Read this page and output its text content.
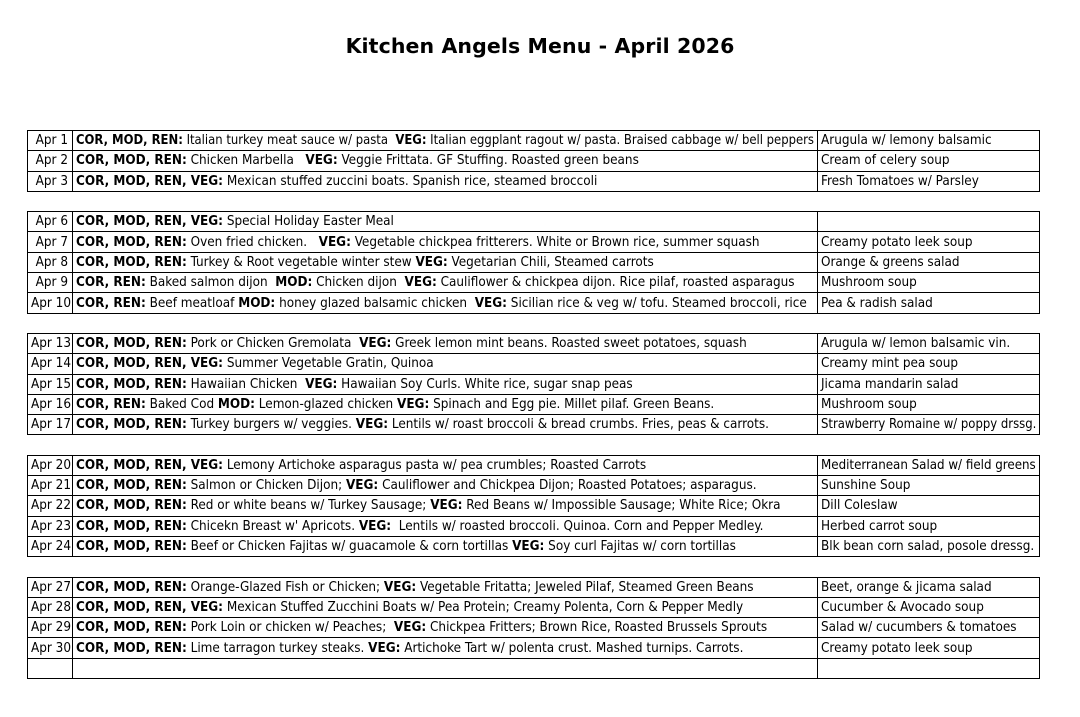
Kitchen Angels Menu - April 2026
Apr 1	COR, MOD, REN: Italian turkey meat sauce w/ pasta  VEG: Italian eggplant ragout w/ pasta. Braised cabbage w/ bell peppers	Arugula w/ lemony balsamic
Apr 2	COR, MOD, REN: Chicken Marbella   VEG: Veggie Frittata. GF Stuffing. Roasted green beans	Cream of celery soup
Apr 3	COR, MOD, REN, VEG: Mexican stuffed zuccini boats. Spanish rice, steamed broccoli	Fresh Tomatoes w/ Parsley

Apr 6	COR, MOD, REN, VEG: Special Holiday Easter Meal	
Apr 7	COR, MOD, REN: Oven fried chicken.   VEG: Vegetable chickpea fritterers. White or Brown rice, summer squash	Creamy potato leek soup
Apr 8	COR, MOD, REN: Turkey & Root vegetable winter stew VEG: Vegetarian Chili, Steamed carrots	Orange & greens salad
Apr 9	COR, REN: Baked salmon dijon  MOD: Chicken dijon  VEG: Cauliflower & chickpea dijon. Rice pilaf, roasted asparagus	Mushroom soup
Apr 10	COR, REN: Beef meatloaf MOD: honey glazed balsamic chicken  VEG: Sicilian rice & veg w/ tofu. Steamed broccoli, rice	Pea & radish salad

Apr 13	COR, MOD, REN: Pork or Chicken Gremolata  VEG: Greek lemon mint beans. Roasted sweet potatoes, squash	Arugula w/ lemon balsamic vin.
Apr 14	COR, MOD, REN, VEG: Summer Vegetable Gratin, Quinoa	Creamy mint pea soup
Apr 15	COR, MOD, REN: Hawaiian Chicken  VEG: Hawaiian Soy Curls. White rice, sugar snap peas	Jicama mandarin salad
Apr 16	COR, REN: Baked Cod MOD: Lemon-glazed chicken VEG: Spinach and Egg pie. Millet pilaf. Green Beans.	Mushroom soup
Apr 17	COR, MOD, REN: Turkey burgers w/ veggies. VEG: Lentils w/ roast broccoli & bread crumbs. Fries, peas & carrots.	Strawberry Romaine w/ poppy drssg.

Apr 20	COR, MOD, REN, VEG: Lemony Artichoke asparagus pasta w/ pea crumbles; Roasted Carrots	Mediterranean Salad w/ field greens
Apr 21	COR, MOD, REN: Salmon or Chicken Dijon; VEG: Cauliflower and Chickpea Dijon; Roasted Potatoes; asparagus.	Sunshine Soup
Apr 22	COR, MOD, REN: Red or white beans w/ Turkey Sausage; VEG: Red Beans w/ Impossible Sausage; White Rice; Okra	Dill Coleslaw
Apr 23	COR, MOD, REN: Chicekn Breast w' Apricots. VEG:  Lentils w/ roasted broccoli. Quinoa. Corn and Pepper Medley.	Herbed carrot soup
Apr 24	COR, MOD, REN: Beef or Chicken Fajitas w/ guacamole & corn tortillas VEG: Soy curl Fajitas w/ corn tortillas	Blk bean corn salad, posole dressg.

Apr 27	COR, MOD, REN: Orange-Glazed Fish or Chicken; VEG: Vegetable Fritatta; Jeweled Pilaf, Steamed Green Beans	Beet, orange & jicama salad
Apr 28	COR, MOD, REN, VEG: Mexican Stuffed Zucchini Boats w/ Pea Protein; Creamy Polenta, Corn & Pepper Medly	Cucumber & Avocado soup
Apr 29	COR, MOD, REN: Pork Loin or chicken w/ Peaches;  VEG: Chickpea Fritters; Brown Rice, Roasted Brussels Sprouts	Salad w/ cucumbers & tomatoes
Apr 30	COR, MOD, REN: Lime tarragon turkey steaks. VEG: Artichoke Tart w/ polenta crust. Mashed turnips. Carrots.	Creamy potato leek soup
